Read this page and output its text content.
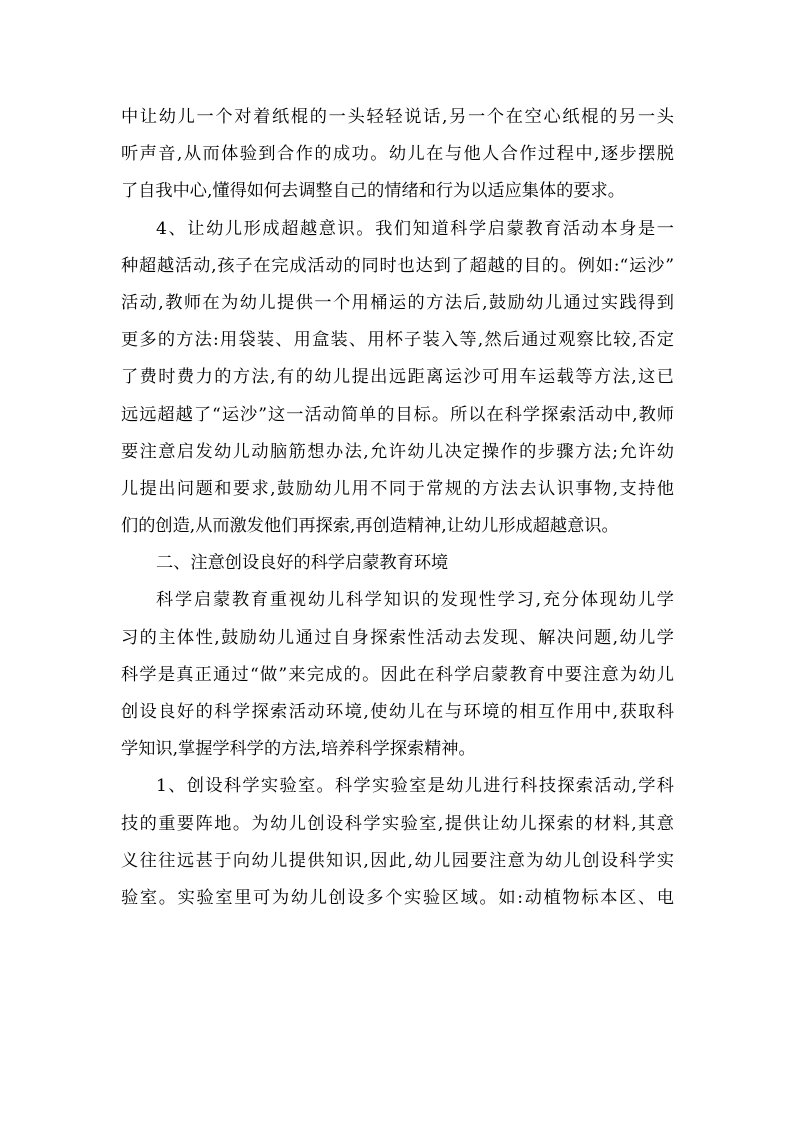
中让幼儿一个对着纸棍的一头轻轻说话,另一个在空心纸棍的另一头
听声音,从而体验到合作的成功。幼儿在与他人合作过程中,逐步摆脱
了自我中心,懂得如何去调整自己的情绪和行为以适应集体的要求。
4、让幼儿形成超越意识。我们知道科学启蒙教育活动本身是一
种超越活动,孩子在完成活动的同时也达到了超越的目的。例如:“运沙”
活动,教师在为幼儿提供一个用桶运的方法后,鼓励幼儿通过实践得到
更多的方法:用袋装、用盒装、用杯子装入等,然后通过观察比较,否定
了费时费力的方法,有的幼儿提出远距离运沙可用车运载等方法,这已
远远超越了“运沙”这一活动简单的目标。所以在科学探索活动中,教师
要注意启发幼儿动脑筋想办法,允许幼儿决定操作的步骤方法;允许幼
儿提出问题和要求,鼓励幼儿用不同于常规的方法去认识事物,支持他
们的创造,从而激发他们再探索,再创造精神,让幼儿形成超越意识。
二、注意创设良好的科学启蒙教育环境
科学启蒙教育重视幼儿科学知识的发现性学习,充分体现幼儿学
习的主体性,鼓励幼儿通过自身探索性活动去发现、解决问题,幼儿学
科学是真正通过“做”来完成的。因此在科学启蒙教育中要注意为幼儿
创设良好的科学探索活动环境,使幼儿在与环境的相互作用中,获取科
学知识,掌握学科学的方法,培养科学探索精神。
1、创设科学实验室。科学实验室是幼儿进行科技探索活动,学科
技的重要阵地。为幼儿创设科学实验室,提供让幼儿探索的材料,其意
义往往远甚于向幼儿提供知识,因此,幼儿园要注意为幼儿创设科学实
验室。实验室里可为幼儿创设多个实验区域。如:动植物标本区、电
